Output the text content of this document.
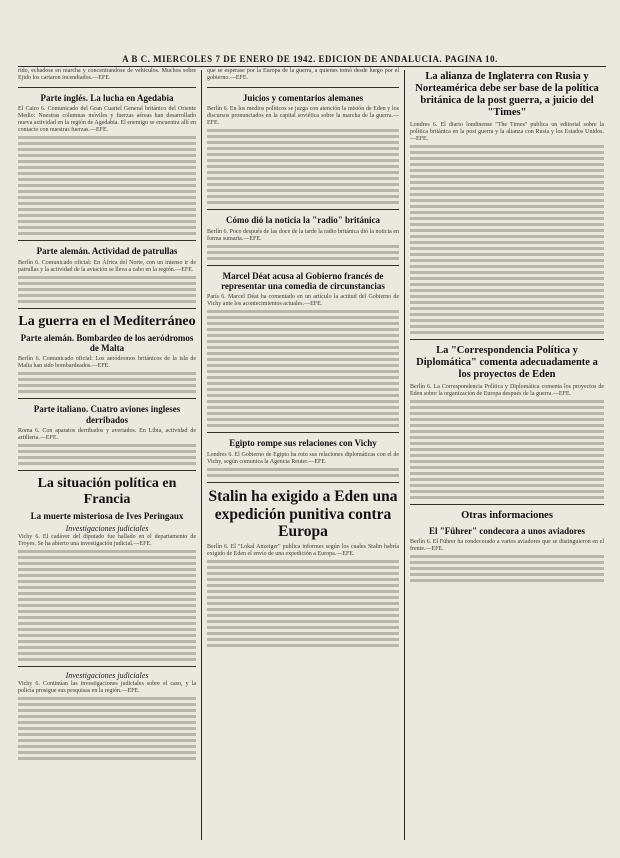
A B C. MIERCOLES 7 DE ENERO DE 1942. EDICION DE ANDALUCIA. PAGINA 10.

rido, echadose en marcha y concentrandose de vehiculos. Muchos sobre Ejido los cartaron incendiados.—EFE.

Parte inglés. La lucha en Agedabia

El Cairo 6. Comunicado del Gran Cuartel General británico del Oriente Medio: Nuestras columnas móviles y fuerzas aéreas han desarrollado nueva actividad en la región de Agedabia. El enemigo se encuentra allí en contacto con nuestras fuerzas.—EFE.

Parte alemán. Actividad de patrullas

Berlín 6. Comunicado oficial: En África del Norte, con un intenso ir de patrullas y la actividad de la aviación se lleva a cabo en la región.—EFE.

La guerra en el Mediterráneo
Parte alemán. Bombardeo de los aeródromos de Malta

Berlín 6. Comunicado oficial: Los aeródromos británicos de la isla de Malta han sido bombardeados.—EFE.

Parte italiano. Cuatro aviones ingleses derribados

Roma 6. Con aparatos derribados y averiados. En Libia, actividad de artillería.—EFE.

La situación política en Francia
La muerte misteriosa de Ives Peringaux
Investigaciones judiciales

Vichy 6. El cadáver del diputado fue hallado en el departamento de Troyes. Se ha abierto una investigación judicial.—EFE.

Investigaciones judiciales

Vichy 6. Continúan las investigaciones judiciales sobre el caso, y la policía prosigue sus pesquisas en la región.—EFE.

que se esperase por la Europa de la guerra, a quienes tomó desde luego por el gobierno.—EFE.

Juicios y comentarios alemanes

Berlín 6. En los medios políticos se juzga con atención la misión de Eden y los discursos pronunciados en la capital soviética sobre la marcha de la guerra.—EFE.

Cómo dió la noticia la "radio" británica

Berlín 6. Poco después de las doce de la tarde la radio británica dió la noticia en forma sumaria.—EFE.

Marcel Déat acusa al Gobierno francés de representar una comedia de circunstancias

París 6. Marcel Déat ha comentado en un artículo la actitud del Gobierno de Vichy ante los acontecimientos actuales.—EFE.

Egipto rompe sus relaciones con Vichy

Londres 6. El Gobierno de Egipto ha roto sus relaciones diplomáticas con el de Vichy, según comunica la Agencia Reuter.—EFE.

Stalin ha exigido a Eden una expedición punitiva contra Europa

Berlín 6. El "Lokal Anzeiger" publica informes según los cuales Stalin habría exigido de Eden el envío de una expedición a Europa.—EFE.

La alianza de Inglaterra con Rusia y Norteamérica debe ser base de la política británica de la post guerra, a juicio del "Times"

Londres 6. El diario londinense "The Times" publica un editorial sobre la política británica en la post guerra y la alianza con Rusia y los Estados Unidos.—EFE.

La "Correspondencia Política y Diplomática" comenta adecuadamente a los proyectos de Eden

Berlín 6. La Correspondencia Política y Diplomática comenta los proyectos de Eden sobre la organización de Europa después de la guerra.—EFE.

Otras informaciones
El "Führer" condecora a unos aviadores

Berlín 6. El Führer ha condecorado a varios aviadores que se distinguieron en el frente.—EFE.
